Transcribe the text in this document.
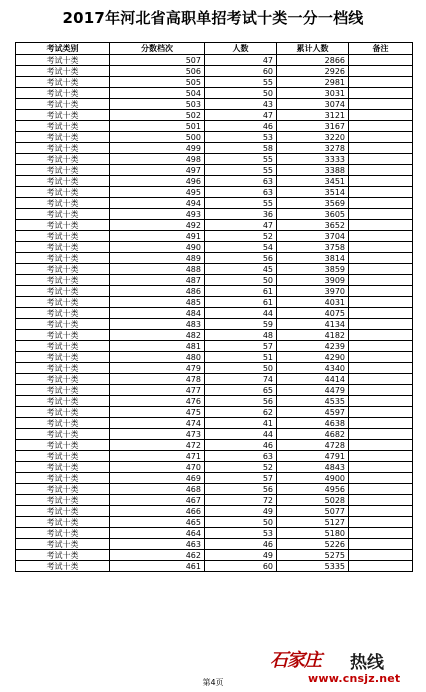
2017年河北省高职单招考试十类一分一档线
考试类别	分数档次	人数	累计人数	备注
考试十类	507	47	2866	
考试十类	506	60	2926	
考试十类	505	55	2981	
考试十类	504	50	3031	
考试十类	503	43	3074	
考试十类	502	47	3121	
考试十类	501	46	3167	
考试十类	500	53	3220	
考试十类	499	58	3278	
考试十类	498	55	3333	
考试十类	497	55	3388	
考试十类	496	63	3451	
考试十类	495	63	3514	
考试十类	494	55	3569	
考试十类	493	36	3605	
考试十类	492	47	3652	
考试十类	491	52	3704	
考试十类	490	54	3758	
考试十类	489	56	3814	
考试十类	488	45	3859	
考试十类	487	50	3909	
考试十类	486	61	3970	
考试十类	485	61	4031	
考试十类	484	44	4075	
考试十类	483	59	4134	
考试十类	482	48	4182	
考试十类	481	57	4239	
考试十类	480	51	4290	
考试十类	479	50	4340	
考试十类	478	74	4414	
考试十类	477	65	4479	
考试十类	476	56	4535	
考试十类	475	62	4597	
考试十类	474	41	4638	
考试十类	473	44	4682	
考试十类	472	46	4728	
考试十类	471	63	4791	
考试十类	470	52	4843	
考试十类	469	57	4900	
考试十类	468	56	4956	
考试十类	467	72	5028	
考试十类	466	49	5077	
考试十类	465	50	5127	
考试十类	464	53	5180	
考试十类	463	46	5226	
考试十类	462	49	5275	
考试十类	461	60	5335	
第4页
石家庄 热线
www.cnsjz.net
